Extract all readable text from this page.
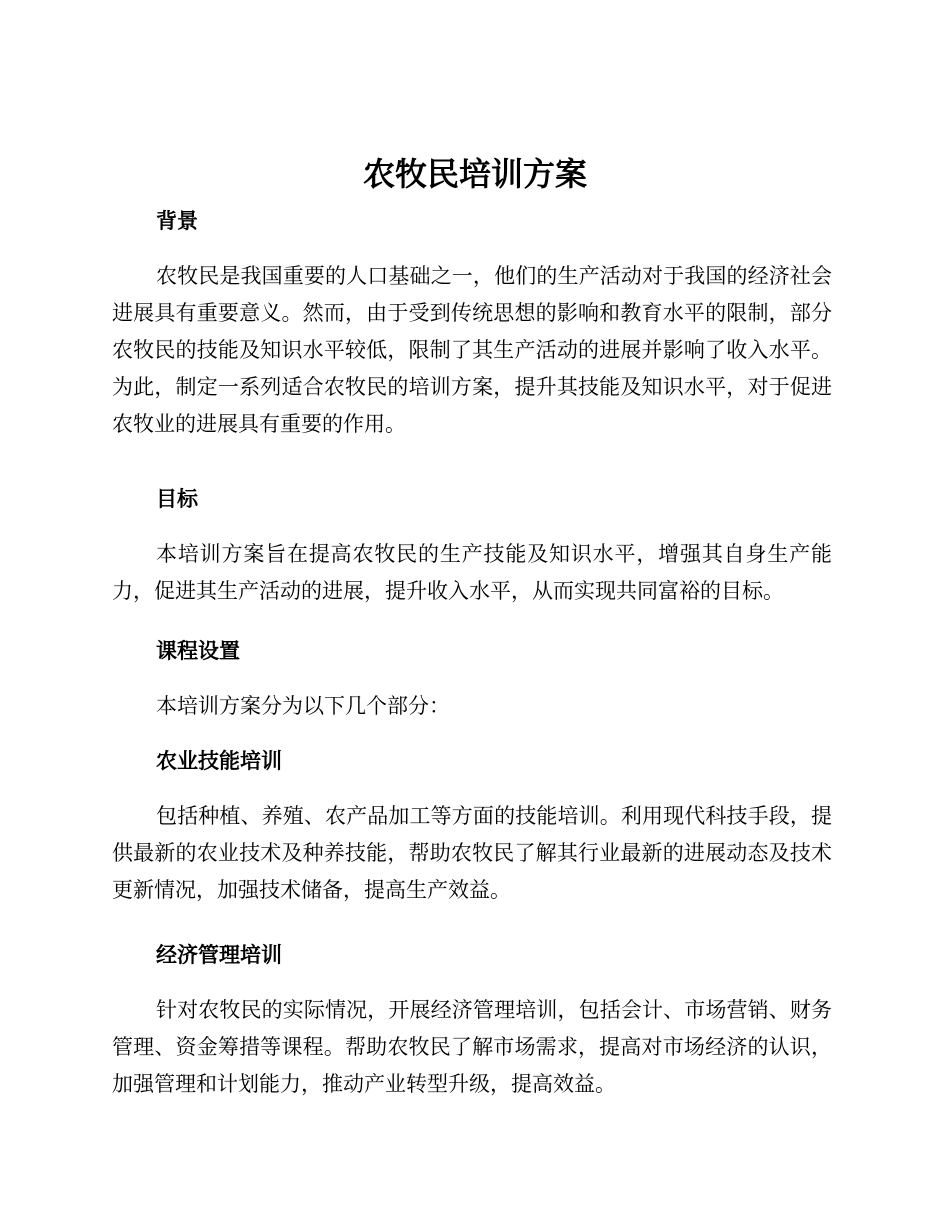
农牧民培训方案
背景

农牧民是我国重要的人口基础之一，他们的生产活动对于我国的经济社会进展具有重要意义。然而，由于受到传统思想的影响和教育水平的限制，部分农牧民的技能及知识水平较低，限制了其生产活动的进展并影响了收入水平。为此，制定一系列适合农牧民的培训方案，提升其技能及知识水平，对于促进农牧业的进展具有重要的作用。

目标

本培训方案旨在提高农牧民的生产技能及知识水平，增强其自身生产能力，促进其生产活动的进展，提升收入水平，从而实现共同富裕的目标。

课程设置

本培训方案分为以下几个部分：

农业技能培训

包括种植、养殖、农产品加工等方面的技能培训。利用现代科技手段，提供最新的农业技术及种养技能，帮助农牧民了解其行业最新的进展动态及技术更新情况，加强技术储备，提高生产效益。

经济管理培训

针对农牧民的实际情况，开展经济管理培训，包括会计、市场营销、财务管理、资金筹措等课程。帮助农牧民了解市场需求，提高对市场经济的认识，加强管理和计划能力，推动产业转型升级，提高效益。
